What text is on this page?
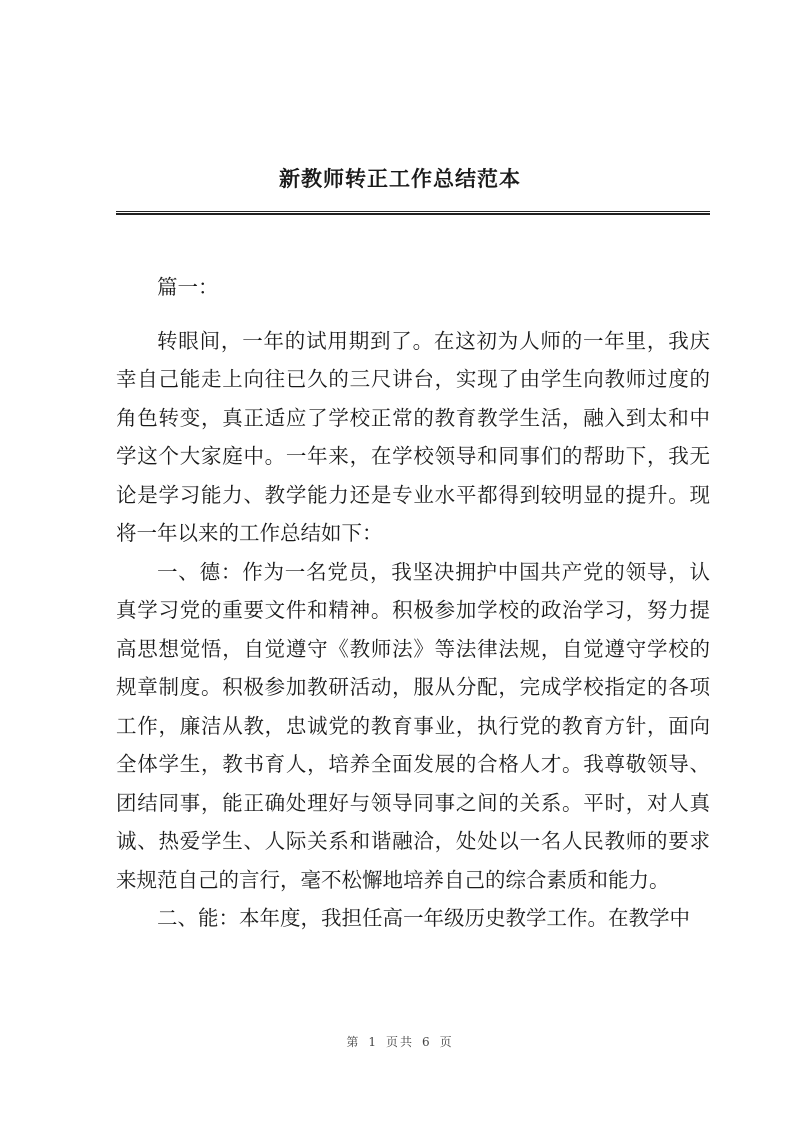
新教师转正工作总结范本

篇一：

转眼间，一年的试用期到了。在这初为人师的一年里，我庆幸自己能走上向往已久的三尺讲台，实现了由学生向教师过度的角色转变，真正适应了学校正常的教育教学生活，融入到太和中学这个大家庭中。一年来，在学校领导和同事们的帮助下，我无论是学习能力、教学能力还是专业水平都得到较明显的提升。现将一年以来的工作总结如下：

一、德：作为一名党员，我坚决拥护中国共产党的领导，认真学习党的重要文件和精神。积极参加学校的政治学习，努力提高思想觉悟，自觉遵守《教师法》等法律法规，自觉遵守学校的规章制度。积极参加教研活动，服从分配，完成学校指定的各项工作，廉洁从教，忠诚党的教育事业，执行党的教育方针，面向全体学生，教书育人，培养全面发展的合格人才。我尊敬领导、团结同事，能正确处理好与领导同事之间的关系。平时，对人真诚、热爱学生、人际关系和谐融洽，处处以一名人民教师的要求来规范自己的言行，毫不松懈地培养自己的综合素质和能力。

二、能：本年度，我担任高一年级历史教学工作。在教学中

第 1 页共 6 页
